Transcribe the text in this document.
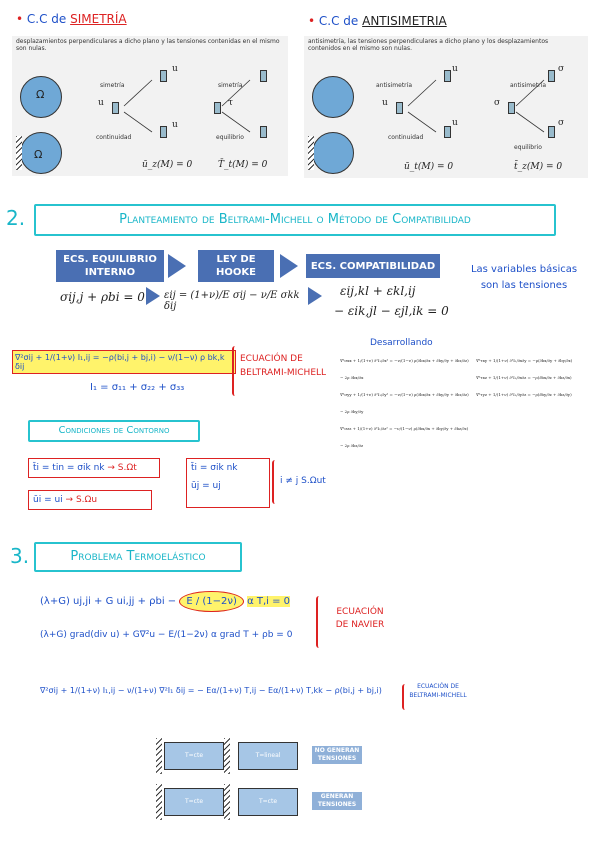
• C.C de SIMETRÍA
desplazamientos perpendiculares a dicho plano y las tensiones contenidas en el mismo son nulas.
Ω
Ω
simetría
continuidad
u
u
u
simetría
equilibrio
τ
ū_z(M) = 0	T̄_t(M) = 0
• C.C de ANTISIMETRIA
antisimetría, las tensiones perpendiculares a dicho plano y los desplazamientos contenidos en el mismo son nulas.
antisimetría
continuidad
u
u
u
antisimetría
equilibrio
σ
σ
σ
ū_t(M) = 0	t̄_z(M) = 0
2.	Planteamiento de Beltrami-Michell o Método de Compatibilidad
ECS. EQUILIBRIO INTERNO
LEY DE HOOKE
ECS. COMPATIBILIDAD	Las variables básicas son las tensiones
σij,j + ρbi = 0 εij = (1+ν)/E σij − ν/E σkk δij
εij,kl + εkl,ij
− εik,jl − εjl,ik = 0
∇²σij + 1/(1+ν) I₁,ij = −ρ(bi,j + bj,i) − ν/(1−ν) ρ bk,k δij
ECUACIÓN DE BELTRAMI-MICHELL
I₁ = σ₁₁ + σ₂₂ + σ₃₃
Desarrollando
∇²σxx + 1/(1+ν) ∂²I₁/∂x² = −ν/(1−ν) ρ(∂bx/∂x + ∂by/∂y + ∂bz/∂z) − 2ρ ∂bx/∂x
∇²σyy + 1/(1+ν) ∂²I₁/∂y² = −ν/(1−ν) ρ(∂bx/∂x + ∂by/∂y + ∂bz/∂z) − 2ρ ∂by/∂y
∇²σzz + 1/(1+ν) ∂²I₁/∂z² = −ν/(1−ν) ρ(∂bx/∂x + ∂by/∂y + ∂bz/∂z) − 2ρ ∂bz/∂z
∇²τxy + 1/(1+ν) ∂²I₁/∂x∂y = −ρ(∂bx/∂y + ∂by/∂x)
∇²τxz + 1/(1+ν) ∂²I₁/∂x∂z = −ρ(∂bx/∂z + ∂bz/∂x)
∇²τyz + 1/(1+ν) ∂²I₁/∂y∂z = −ρ(∂by/∂z + ∂bz/∂y)
Condiciones de Contorno
t̄i = tin = σik nk → S.Ωt
ūi = ui → S.Ωu
t̄i = σik nk
ūj = uj	i ≠ j S.Ωut
3.	Problema Termoelástico
(λ+G) uj,ji + G ui,jj + ρbi − E / (1−2ν) α T,i = 0
(λ+G) grad(div u) + G∇²u − E/(1−2ν) α grad T + ρb = 0
ECUACIÓN DE NAVIER
∇²σij + 1/(1+ν) I₁,ij − ν/(1+ν) ∇²I₁ δij = − Eα/(1+ν) T,ij − Eα/(1+ν) T,kk − ρ(bi,j + bj,i)	ECUACIÓN DE BELTRAMI-MICHELL
T=cte	T=lineal
NO GENERAN TENSIONES
T=cte	T=cte
GENERAN TENSIONES
